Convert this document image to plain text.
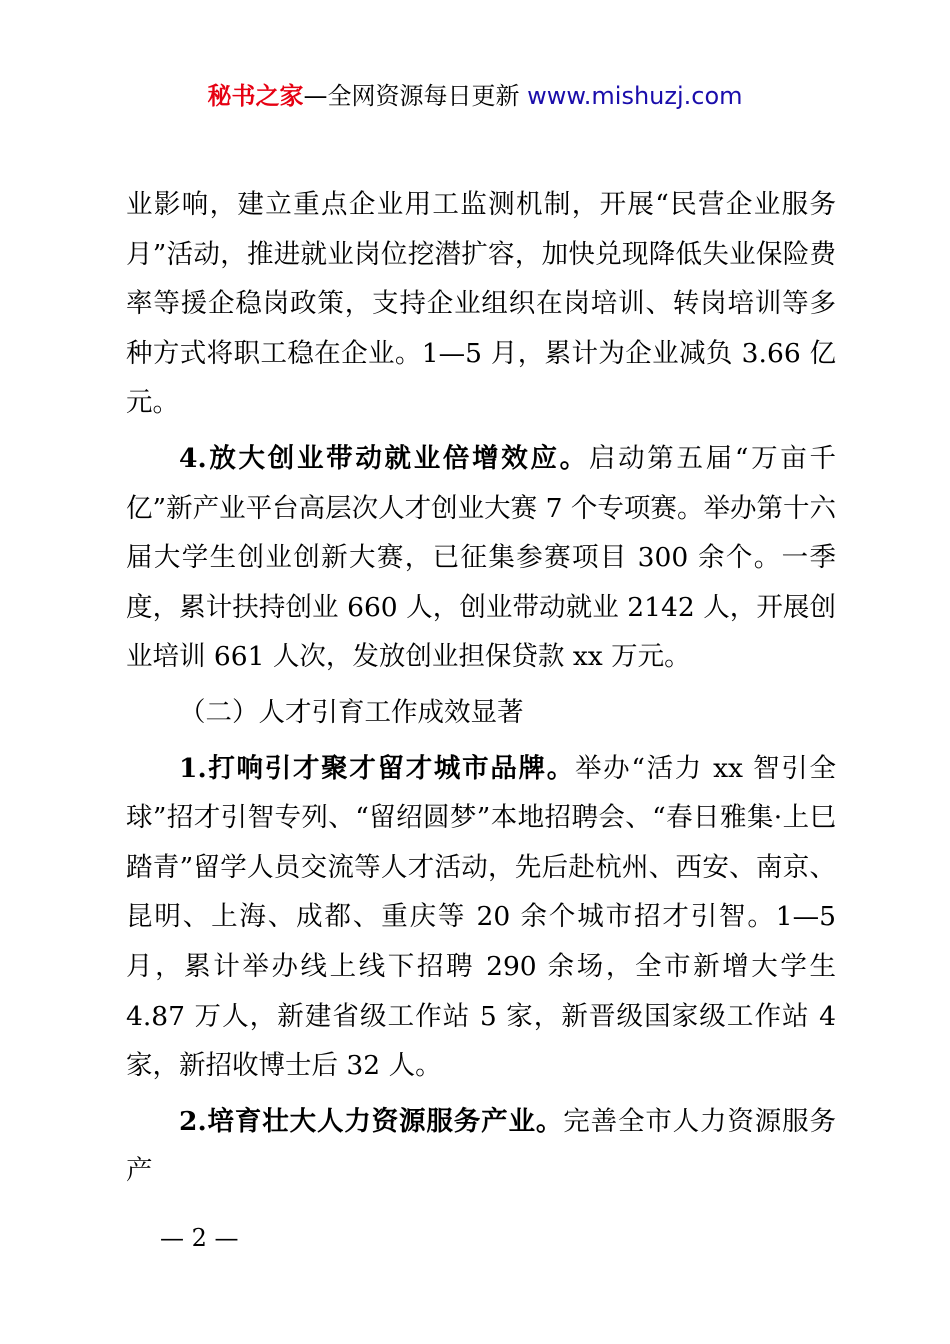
秘书之家—全网资源每日更新 www.mishuzj.com

业影响，建立重点企业用工监测机制，开展“民营企业服务月”活动，推进就业岗位挖潜扩容，加快兑现降低失业保险费率等援企稳岗政策，支持企业组织在岗培训、转岗培训等多种方式将职工稳在企业。1—5 月，累计为企业减负 3.66 亿元。

4.放大创业带动就业倍增效应。启动第五届“万亩千亿”新产业平台高层次人才创业大赛 7 个专项赛。举办第十六届大学生创业创新大赛，已征集参赛项目 300 余个。一季度，累计扶持创业 660 人，创业带动就业 2142 人，开展创业培训 661 人次，发放创业担保贷款 xx 万元。

（二）人才引育工作成效显著

1.打响引才聚才留才城市品牌。举办“活力 xx 智引全球”招才引智专列、“留绍圆梦”本地招聘会、“春日雅集·上巳踏青”留学人员交流等人才活动，先后赴杭州、西安、南京、昆明、上海、成都、重庆等 20 余个城市招才引智。1—5 月，累计举办线上线下招聘 290 余场，全市新增大学生 4.87 万人，新建省级工作站 5 家，新晋级国家级工作站 4 家，新招收博士后 32 人。

2.培育壮大人力资源服务产业。完善全市人力资源服务产

— 2 —
